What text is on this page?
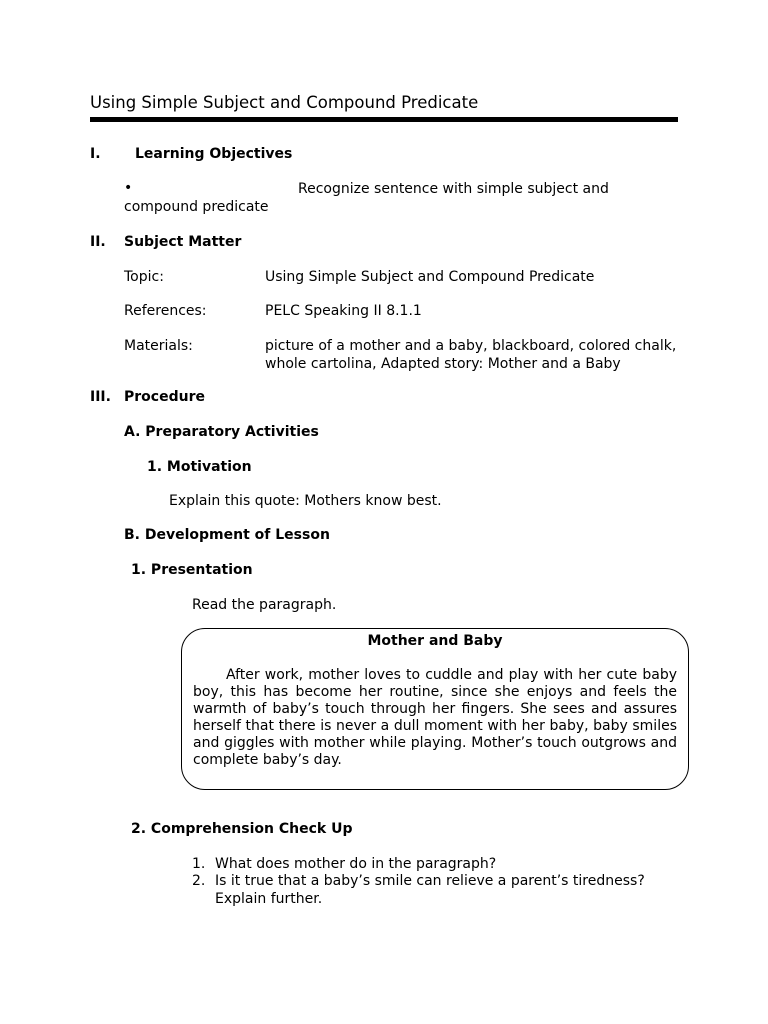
Using Simple Subject and Compound Predicate
I. Learning Objectives
•	Recognize sentence with simple subject and
compound predicate
II. Subject Matter
Topic:	Using Simple Subject and Compound Predicate
References:	PELC Speaking II 8.1.1
Materials:	picture of a mother and a baby, blackboard, colored chalk,
whole cartolina, Adapted story: Mother and a Baby
III. Procedure
A. Preparatory Activities
1. Motivation
Explain this quote: Mothers know best.
B. Development of Lesson
1. Presentation
Read the paragraph.
Mother and Baby
After work, mother loves to cuddle and play with her cute baby boy, this has become her routine, since she enjoys and feels the warmth of baby’s touch through her fingers. She sees and assures herself that there is never a dull moment with her baby, baby smiles and giggles with mother while playing. Mother’s touch outgrows and complete baby’s day.
2. Comprehension Check Up
1. What does mother do in the paragraph?
2. Is it true that a baby’s smile can relieve a parent’s tiredness?
Explain further.
